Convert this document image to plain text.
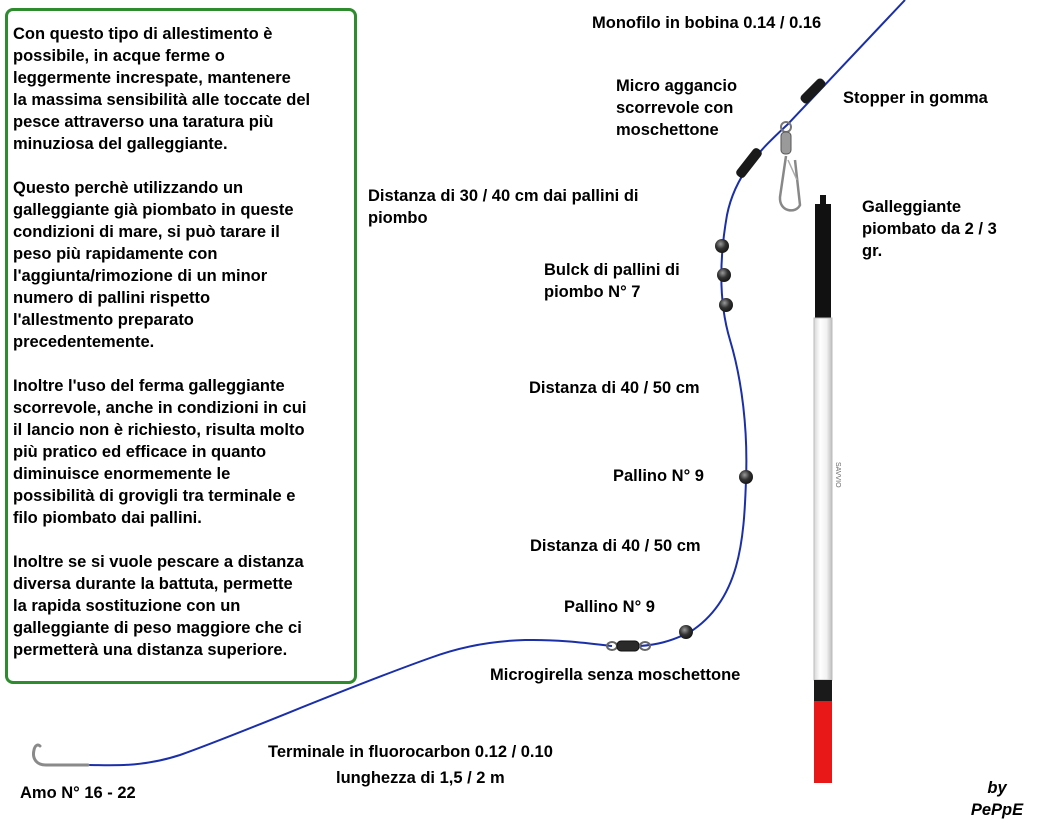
Con questo tipo di allestimento è
possibile, in acque ferme o
leggermente increspate, mantenere
la massima sensibilità alle toccate del
pesce attraverso una taratura più
minuziosa del galleggiante.

Questo perchè utilizzando un
galleggiante già piombato in queste
condizioni di mare, si può tarare il
peso più rapidamente con
l'aggiunta/rimozione di un minor
numero di pallini rispetto
l'allestmento preparato
precedentemente.

Inoltre l'uso del ferma galleggiante
scorrevole, anche in condizioni in cui
il lancio non è richiesto, risulta molto
più pratico ed efficace in quanto
diminuisce enormemente le
possibilità di grovigli tra terminale e
filo piombato dai pallini.

Inoltre se si vuole pescare a distanza
diversa durante la battuta, permette
la rapida sostituzione con un
galleggiante di peso maggiore che ci
permetterà una distanza superiore.

SAVVIO
Monofilo in bobina 0.14 / 0.16
Micro aggancio
scorrevole con
moschettone
Stopper in gomma
Distanza di 30 / 40 cm dai pallini di
piombo
Galleggiante
piombato da 2 / 3
gr.
Bulck di pallini di
piombo N° 7
Distanza di 40 / 50 cm
Pallino N° 9
Distanza di 40 / 50 cm
Pallino N° 9
Microgirella senza moschettone
Terminale in fluorocarbon 0.12 / 0.10
lunghezza di 1,5 / 2 m
Amo N° 16 - 22	by
PePpE
